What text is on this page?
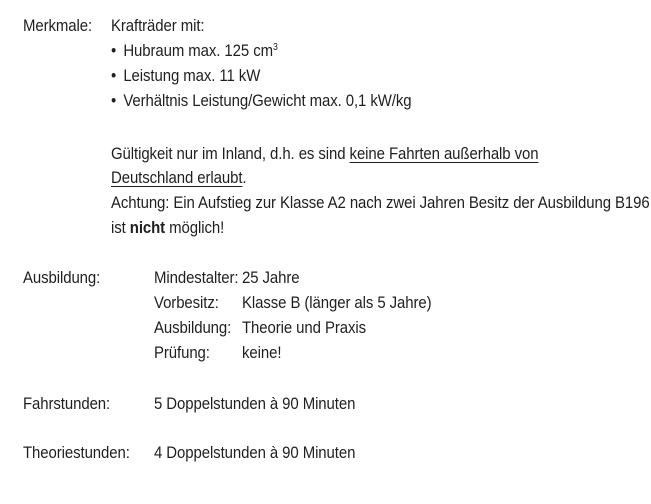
Merkmale: Krafträder mit:
• Hubraum max. 125 $cm^3$
• Leistung max. 11 kW
• Verhältnis Leistung/Gewicht max. 0,1 kW/kg
Gültigkeit nur im Inland, d.h. es sind keine Fahrten außerhalb von
Deutschland erlaubt.
Achtung: Ein Aufstieg zur Klasse A2 nach zwei Jahren Besitz der Ausbildung B196
ist nicht möglich!
Ausbildung:	Mindestalter: 25 Jahre
Vorbesitz: Klasse B (länger als 5 Jahre)
Ausbildung: Theorie und Praxis
Prüfung: keine!
Fahrstunden:	5 Doppelstunden à 90 Minuten
Theoriestunden: 4 Doppelstunden à 90 Minuten
